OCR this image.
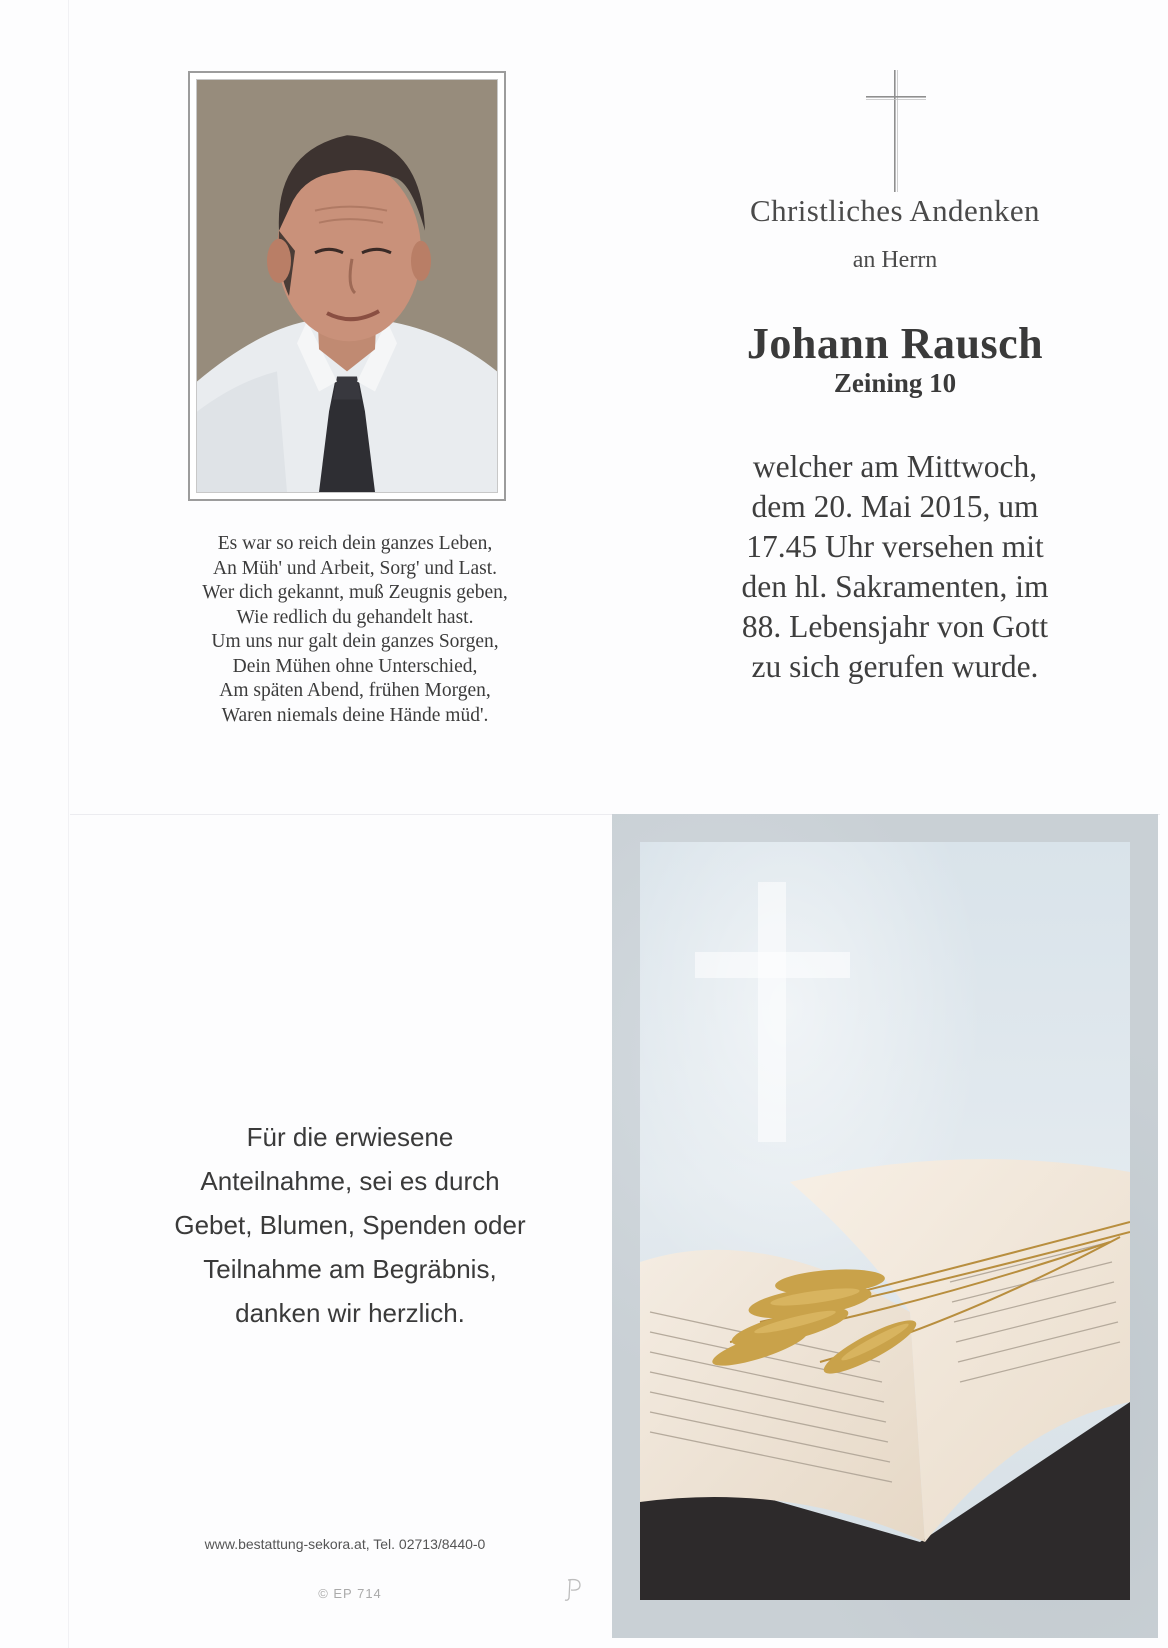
Es war so reich dein ganzes Leben,
An Müh' und Arbeit, Sorg' und Last.
Wer dich gekannt, muß Zeugnis geben,
Wie redlich du gehandelt hast.
Um uns nur galt dein ganzes Sorgen,
Dein Mühen ohne Unterschied,
Am späten Abend, frühen Morgen,
Waren niemals deine Hände müd'.
Christliches Andenken
an Herrn
Johann Rausch
Zeining 10
welcher am Mittwoch,
dem 20. Mai 2015, um
17.45 Uhr versehen mit
den hl. Sakramenten, im
88. Lebensjahr von Gott
zu sich gerufen wurde.
Für die erwiesene
Anteilnahme, sei es durch
Gebet, Blumen, Spenden oder
Teilnahme am Begräbnis,
danken wir herzlich.
www.bestattung-sekora.at, Tel. 02713/8440-0
© EP 714
